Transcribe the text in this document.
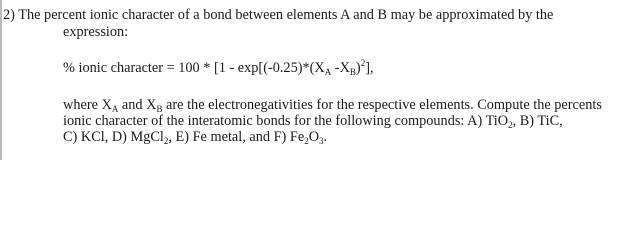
2) The percent ionic character of a bond between elements A and B may be approximated by the
expression:
% ionic character = $100 * [1 - \exp[(-0.25)*(X_A$ $-X_B)^2$],
where $X_A$ and $X_B$ are the electronegativities for the respective elements. Compute the percents
ionic character of the interatomic bonds for the following compounds: A) TiO$_2$, B) TiC,
C) KCl, D) MgCl$_2$, E) Fe metal, and F) $Fe_2O_3$.
